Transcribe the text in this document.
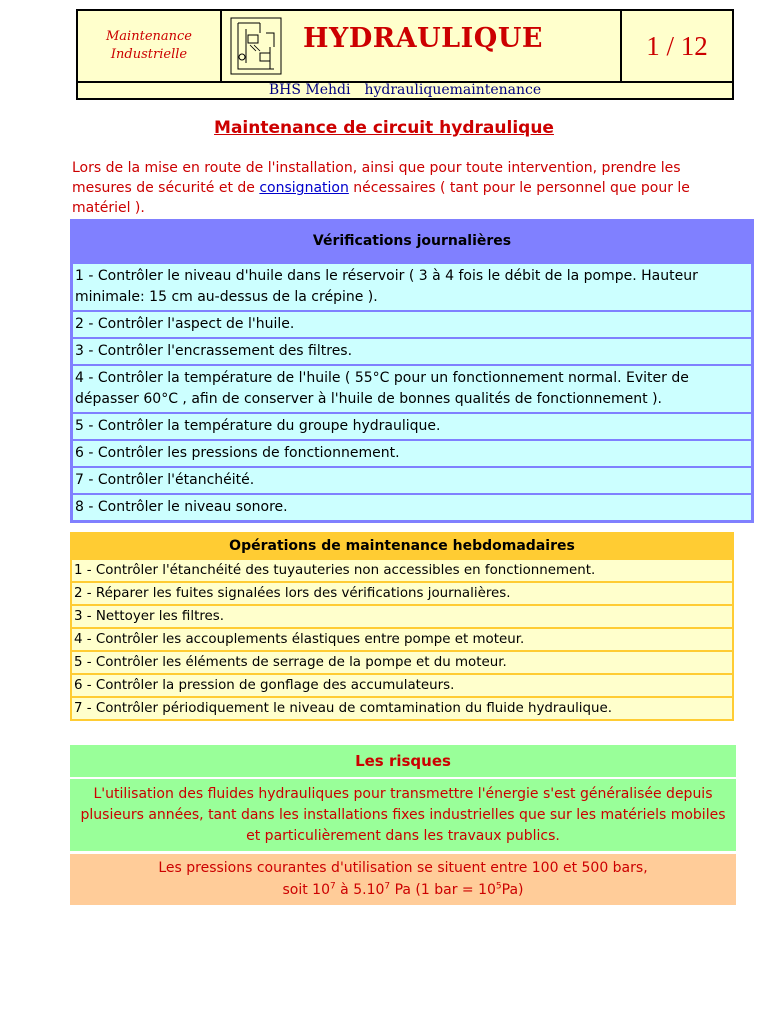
Maintenance
Industrielle
HYDRAULIQUE	1 / 12
BHS Mehdi hydrauliquemaintenance
Maintenance de circuit hydraulique
Lors de la mise en route de l'installation, ainsi que pour toute intervention, prendre les mesures de sécurité et de consignation nécessaires ( tant pour le personnel que pour le matériel ).
Vérifications journalières
1 - Contrôler le niveau d'huile dans le réservoir ( 3 à 4 fois le débit de la pompe. Hauteur minimale: 15 cm au-dessus de la crépine ).
2 - Contrôler l'aspect de l'huile.
3 - Contrôler l'encrassement des filtres.
4 - Contrôler la température de l'huile ( 55°C pour un fonctionnement normal. Eviter de dépasser 60°C , afin de conserver à l'huile de bonnes qualités de fonctionnement ).
5 - Contrôler la température du groupe hydraulique.
6 - Contrôler les pressions de fonctionnement.
7 - Contrôler l'étanchéité.
8 - Contrôler le niveau sonore.
Opérations de maintenance hebdomadaires
1 - Contrôler l'étanchéité des tuyauteries non accessibles en fonctionnement.
2 - Réparer les fuites signalées lors des vérifications journalières.
3 - Nettoyer les filtres.
4 - Contrôler les accouplements élastiques entre pompe et moteur.
5 - Contrôler les éléments de serrage de la pompe et du moteur.
6 - Contrôler la pression de gonflage des accumulateurs.
7 - Contrôler périodiquement le niveau de comtamination du fluide hydraulique.
Les risques
L'utilisation des fluides hydrauliques pour transmettre l'énergie s'est généralisée depuis plusieurs années, tant dans les installations fixes industrielles que sur les matériels mobiles et particulièrement dans les travaux publics.
Les pressions courantes d'utilisation se situent entre 100 et 500 bars,
soit $10^7$ à 5.10$^7$ Pa (1 bar = $10^5Pa$)
